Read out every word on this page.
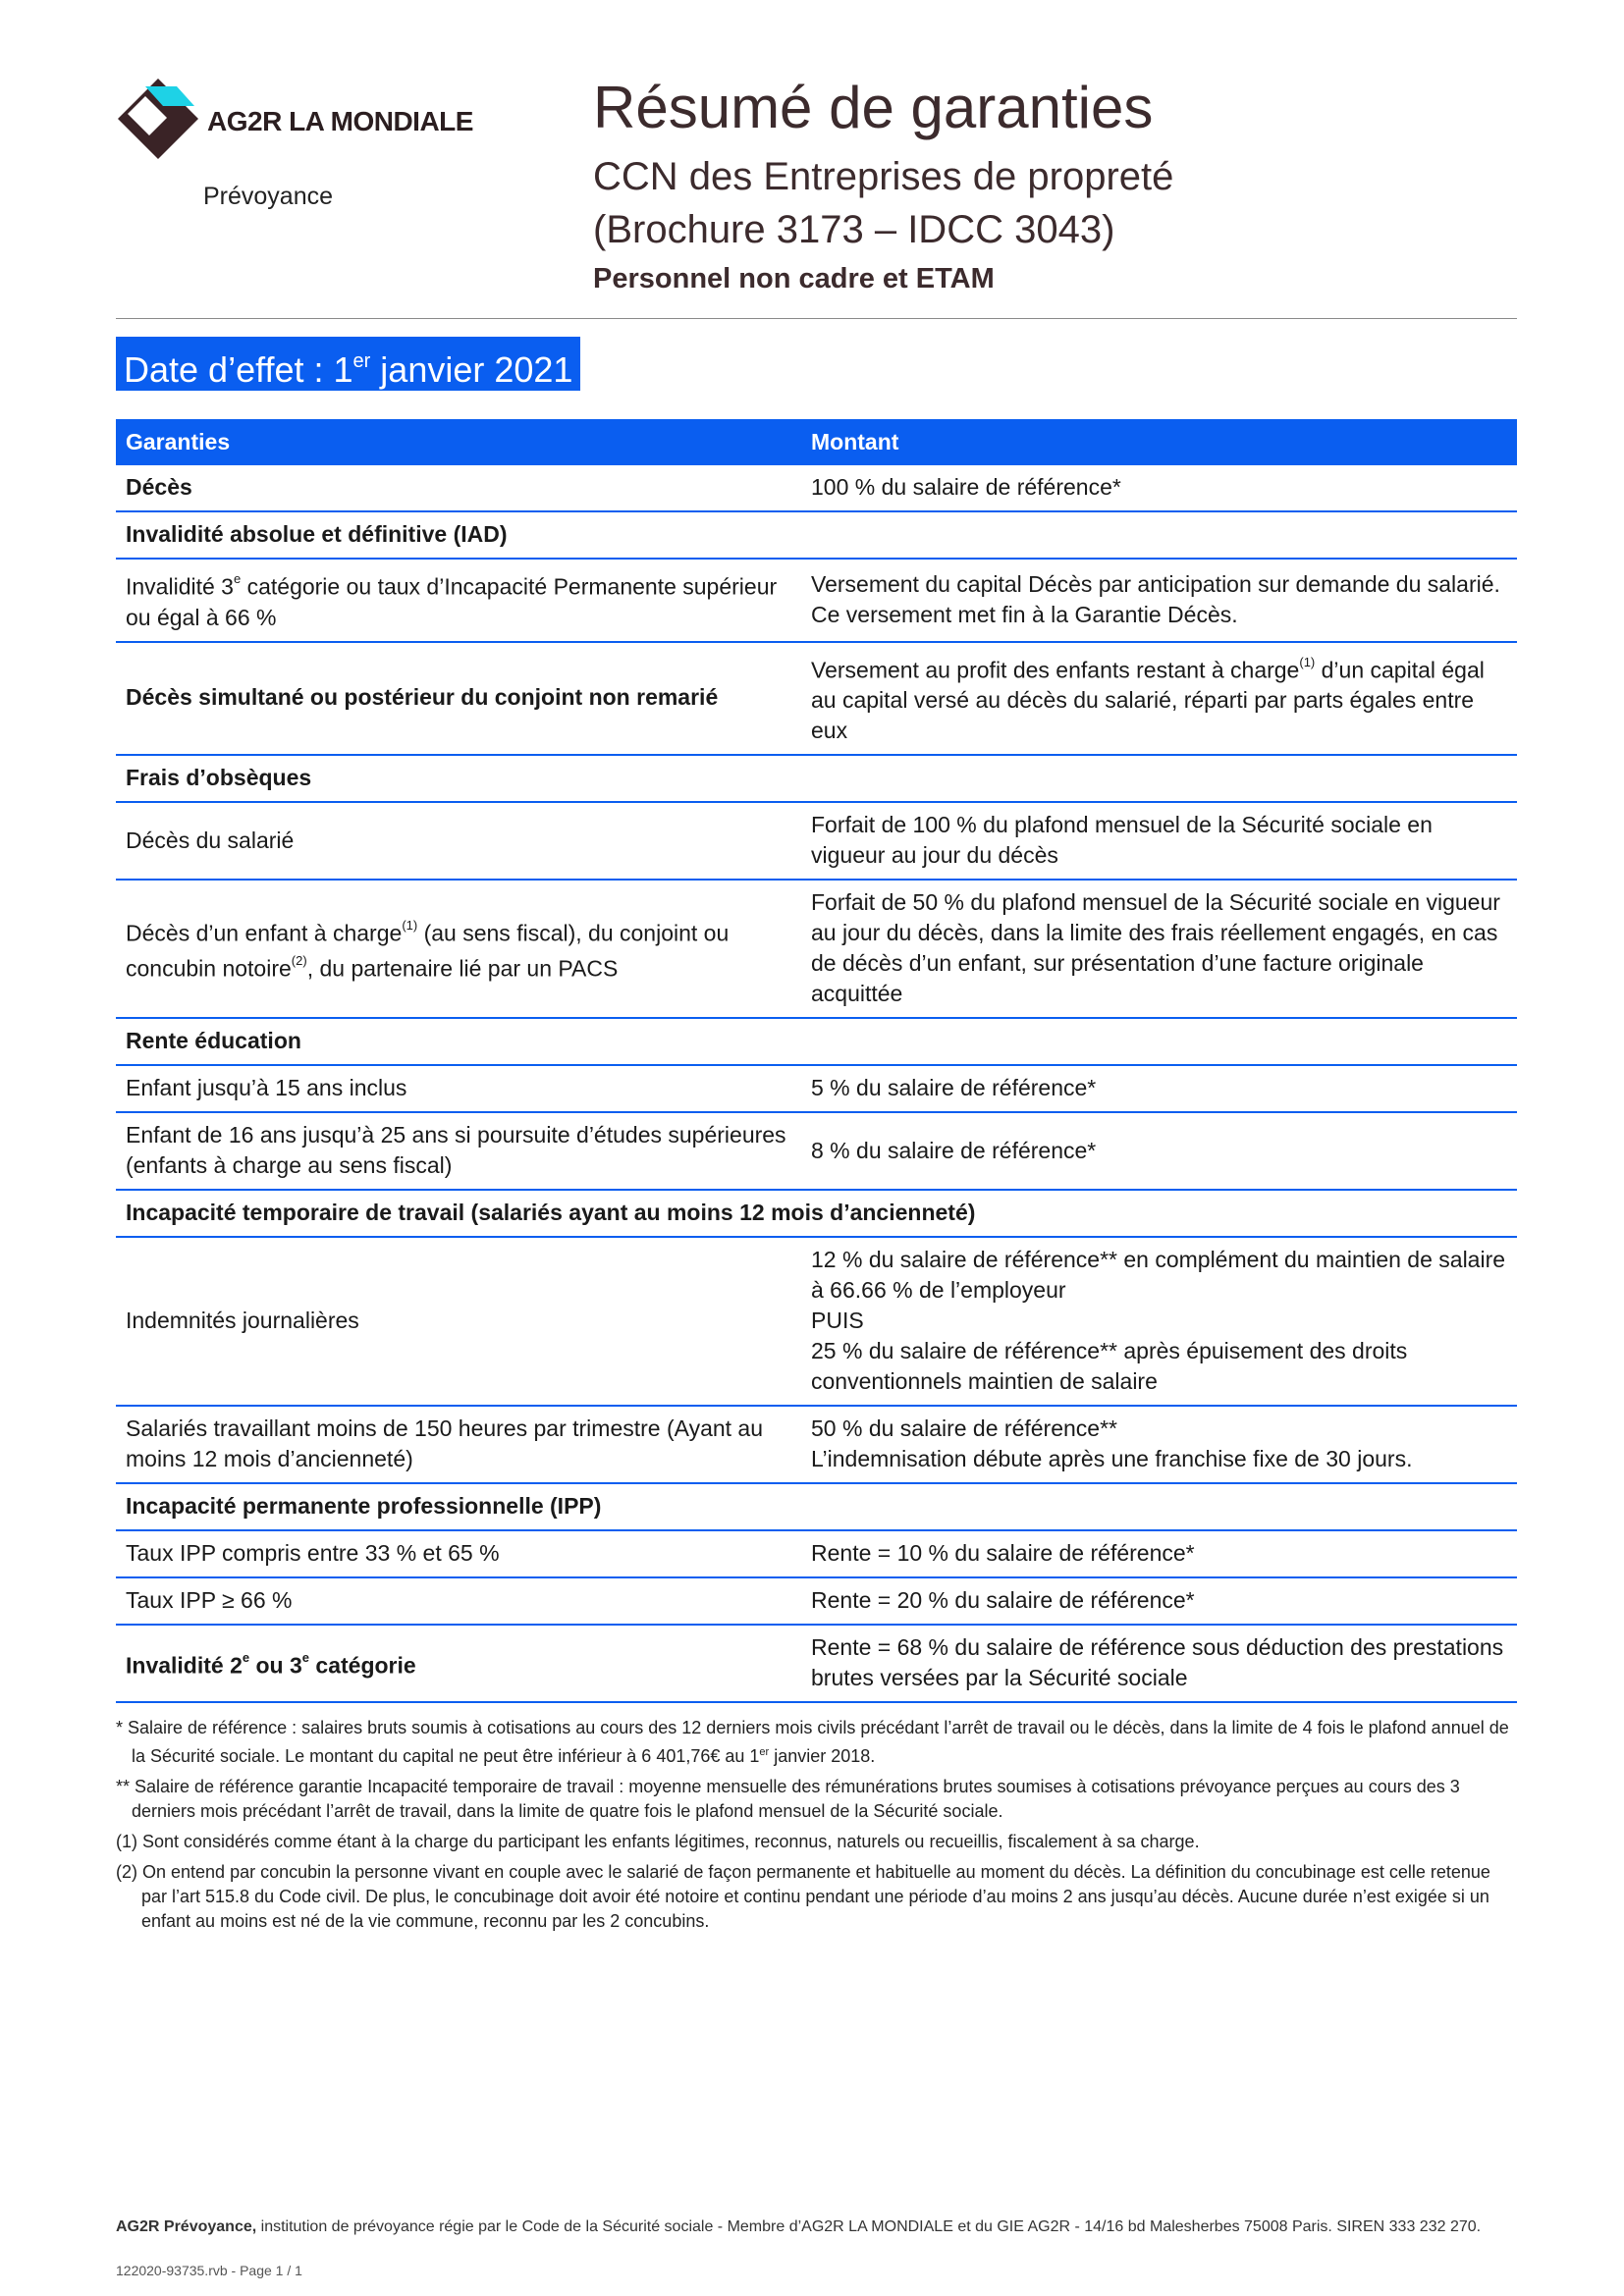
AG2R LA MONDIALE
Prévoyance
Résumé de garanties
CCN des Entreprises de propreté
(Brochure 3173 – IDCC 3043)
Personnel non cadre et ETAM
Date d’effet : 1er janvier 2021
Garanties	Montant
Décès	100 % du salaire de référence*
Invalidité absolue et définitive (IAD)	
Invalidité 3e catégorie ou taux d’Incapacité Permanente supérieur ou égal à 66 %	Versement du capital Décès par anticipation sur demande du salarié. Ce versement met fin à la Garantie Décès.
Décès simultané ou postérieur du conjoint non remarié	Versement au profit des enfants restant à charge$^{(1)}$ d’un capital égal au capital versé au décès du salarié, réparti par parts égales entre eux
Frais d’obsèques	
Décès du salarié	Forfait de 100 % du plafond mensuel de la Sécurité sociale en vigueur au jour du décès
Décès d’un enfant à charge$^{(1)}$ (au sens fiscal), du conjoint ou concubin notoire$^{(2)}$, du partenaire lié par un PACS	Forfait de 50 % du plafond mensuel de la Sécurité sociale en vigueur au jour du décès, dans la limite des frais réellement engagés, en cas de décès d’un enfant, sur présentation d’une facture originale acquittée
Rente éducation	
Enfant jusqu’à 15 ans inclus	5 % du salaire de référence*
Enfant de 16 ans jusqu’à 25 ans si poursuite d’études supérieures (enfants à charge au sens fiscal)	8 % du salaire de référence*
Incapacité temporaire de travail (salariés ayant au moins 12 mois d’ancienneté)	
Indemnités journalières	12 % du salaire de référence** en complément du maintien de salaire à 66.66 % de l’employeur
PUIS
25 % du salaire de référence** après épuisement des droits conventionnels maintien de salaire

Salariés travaillant moins de 150 heures par trimestre (Ayant au moins 12 mois d’ancienneté)	50 % du salaire de référence**
L’indemnisation débute après une franchise fixe de 30 jours.

Incapacité permanente professionnelle (IPP)	
Taux IPP compris entre 33 % et 65 %	Rente = 10 % du salaire de référence*
Taux IPP ≥ 66 %	Rente = 20 % du salaire de référence*
Invalidité 2e ou 3e catégorie	Rente = 68 % du salaire de référence sous déduction des prestations brutes versées par la Sécurité sociale

* Salaire de référence : salaires bruts soumis à cotisations au cours des 12 derniers mois civils précédant l’arrêt de travail ou le décès, dans la limite de 4 fois le plafond annuel de la Sécurité sociale. Le montant du capital ne peut être inférieur à 6 401,76€ au 1er janvier 2018.

** Salaire de référence garantie Incapacité temporaire de travail : moyenne mensuelle des rémunérations brutes soumises à cotisations prévoyance perçues au cours des 3 derniers mois précédant l’arrêt de travail, dans la limite de quatre fois le plafond mensuel de la Sécurité sociale.

(1) Sont considérés comme étant à la charge du participant les enfants légitimes, reconnus, naturels ou recueillis, fiscalement à sa charge.

(2) On entend par concubin la personne vivant en couple avec le salarié de façon permanente et habituelle au moment du décès. La définition du concubinage est celle retenue par l’art 515.8 du Code civil. De plus, le concubinage doit avoir été notoire et continu pendant une période d’au moins 2 ans jusqu’au décès. Aucune durée n’est exigée si un enfant au moins est né de la vie commune, reconnu par les 2 concubins.

AG2R Prévoyance, institution de prévoyance régie par le Code de la Sécurité sociale - Membre d’AG2R LA MONDIALE et du GIE AG2R - 14/16 bd Malesherbes 75008 Paris. SIREN 333 232 270.
122020-93735.rvb - Page 1 / 1
